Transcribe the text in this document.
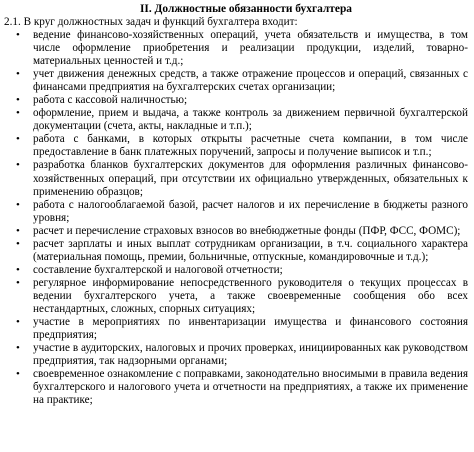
II. Должностные обязанности бухгалтера

2.1. В круг должностных задач и функций бухгалтера входит:

• ведение финансово-хозяйственных операций, учета обязательств и имущества, в том числе оформление приобретения и реализации продукции, изделий, товарно-материальных ценностей и т.д.;
• учет движения денежных средств, а также отражение процессов и операций, связанных с финансами предприятия на бухгалтерских счетах организации;
• работа с кассовой наличностью;
• оформление, прием и выдача, а также контроль за движением первичной бухгалтерской документации (счета, акты, накладные и т.п.);
• работа с банками, в которых открыты расчетные счета компании, в том числе предоставление в банк платежных поручений, запросы и получение выписок и т.п.;
• разработка бланков бухгалтерских документов для оформления различных финансово-хозяйственных операций, при отсутствии их официально утвержденных, обязательных к применению образцов;
• работа с налогооблагаемой базой, расчет налогов и их перечисление в бюджеты разного уровня;
• расчет и перечисление страховых взносов во внебюджетные фонды (ПФР, ФСС, ФОМС);
• расчет зарплаты и иных выплат сотрудникам организации, в т.ч. социального характера (материальная помощь, премии, больничные, отпускные, командировочные и т.д.);
• составление бухгалтерской и налоговой отчетности;
• регулярное информирование непосредственного руководителя о текущих процессах в ведении бухгалтерского учета, а также своевременные сообщения обо всех нестандартных, сложных, спорных ситуациях;
• участие в мероприятиях по инвентаризации имущества и финансового состояния предприятия;
• участие в аудиторских, налоговых и прочих проверках, инициированных как руководством предприятия, так надзорными органами;
• своевременное ознакомление с поправками, законодательно вносимыми в правила ведения бухгалтерского и налогового учета и отчетности на предприятиях, а также их применение на практике;
